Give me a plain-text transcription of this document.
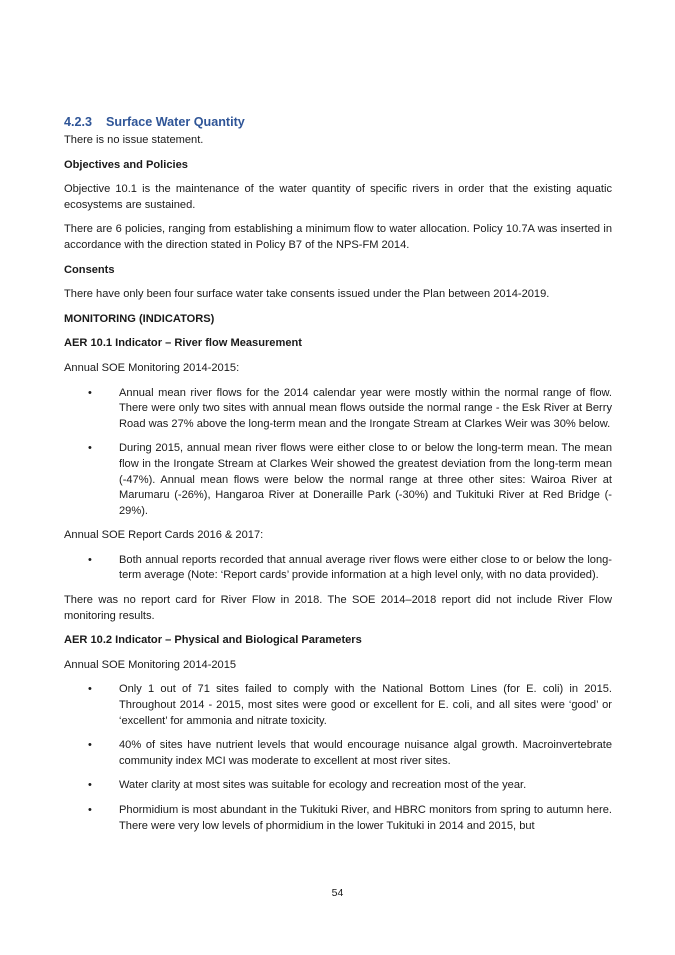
4.2.3 Surface Water Quantity

There is no issue statement.

Objectives and Policies

Objective 10.1 is the maintenance of the water quantity of specific rivers in order that the existing aquatic ecosystems are sustained.

There are 6 policies, ranging from establishing a minimum flow to water allocation. Policy 10.7A was inserted in accordance with the direction stated in Policy B7 of the NPS-FM 2014.

Consents

There have only been four surface water take consents issued under the Plan between 2014-2019.

MONITORING (INDICATORS)

AER 10.1 Indicator – River flow Measurement

Annual SOE Monitoring 2014-2015:

• Annual mean river flows for the 2014 calendar year were mostly within the normal range of flow. There were only two sites with annual mean flows outside the normal range - the Esk River at Berry Road was 27% above the long-term mean and the Irongate Stream at Clarkes Weir was 30% below.
• During 2015, annual mean river flows were either close to or below the long-term mean. The mean flow in the Irongate Stream at Clarkes Weir showed the greatest deviation from the long-term mean (-47%). Annual mean flows were below the normal range at three other sites: Wairoa River at Marumaru (-26%), Hangaroa River at Doneraille Park (-30%) and Tukituki River at Red Bridge (- 29%).

Annual SOE Report Cards 2016 & 2017:

• Both annual reports recorded that annual average river flows were either close to or below the long-term average (Note: ‘Report cards’ provide information at a high level only, with no data provided).

There was no report card for River Flow in 2018. The SOE 2014–2018 report did not include River Flow monitoring results.

AER 10.2 Indicator – Physical and Biological Parameters

Annual SOE Monitoring 2014-2015

• Only 1 out of 71 sites failed to comply with the National Bottom Lines (for E. coli) in 2015. Throughout 2014 - 2015, most sites were good or excellent for E. coli, and all sites were ‘good’ or ‘excellent’ for ammonia and nitrate toxicity.
• 40% of sites have nutrient levels that would encourage nuisance algal growth. Macroinvertebrate community index MCI was moderate to excellent at most river sites.
• Water clarity at most sites was suitable for ecology and recreation most of the year.
• Phormidium is most abundant in the Tukituki River, and HBRC monitors from spring to autumn here. There were very low levels of phormidium in the lower Tukituki in 2014 and 2015, but
54
